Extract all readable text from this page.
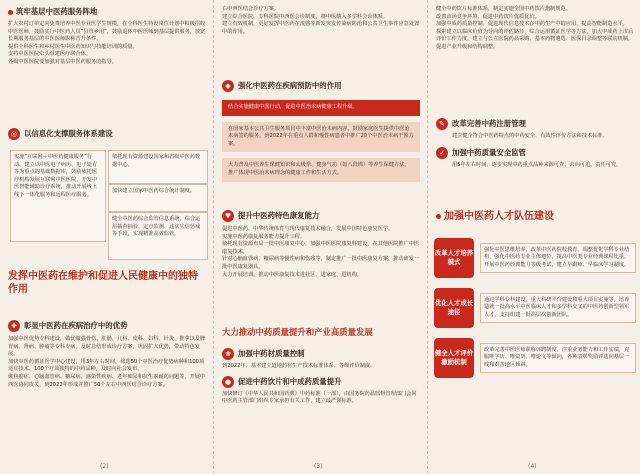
筑牢基层中医药服务阵地
扩大农村订单定向免费培养中医专业医学生规模，在全科医生特设岗位计划中积极招收中医医师，鼓励实行中医药人员“县管乡用”，鼓励退休中医医师到基层提供服务，放宽长期服务基层的中医医师职称晋升条件。
提供全科医生和乡村医生中医药知识与技能培训的质量。
支持中医医院牵头组建医疗联合体。
各级中医医院要加强对基层中医药服务的指导。
◎ 以信息化支撑服务体系建设
实施“互联网＋中医药健康服务”行动，建立以中医电子病历、电子处方等为重点的基础数据库，鼓励依托医疗机构发展互联网中医医院，开发中医智能辅助诊疗系统，推动开展线上线下一体化服务和远程医疗服务。
依托现有资源建设国家和省级中医药数据中心。
加快建立国家中医药综合统计制度。
健全中医药综合监管信息系统，综合运用抽查抽验、定点监测、违法失信惩戒等手段，实现精准高效监管。
发挥中医药在维护和促进人民健康中的独特作用
✚ 彰显中医药在疾病治疗中的优势
加强中医优势专科建设，做优做强骨伤、肛肠、儿科、皮科、妇科、针灸、推拿以及脾胃病、肾病、肿瘤等专科专病，及时总结形成诊疗方案，巩固扩大优势，带动特色发展。
加快中医药循证医学中心建设，用3年左右时间，筛选50个中医治疗优势病种和100项适宜技术、100个疗效独特的中药品种，及时向社会发布。
聚焦癌症、心脑血管病、糖尿病、感染性疾病、老年痴呆和抗生素耐药问题等，开展中西医协同攻关，到2022年形成并推广50个左右中西医结合诊疗方案。
(2)
右中西医结合诊疗方案。
建立综合医院、专科医院中西医会诊制度，将中医纳入多学科会诊体系。
建立有效机制，更好发挥中医药在流感等新发突发传染病防治和公共卫生事件应急处置中的作用。
◆ 强化中医药在疾病预防中的作用
结合实施健康中国行动，促进中医治未病健康工程升级。
在国家基本公共卫生服务项目中丰富中医治未病内容，鼓励家庭医生提供中医治未病签约服务，到2022年在重点人群和慢性病患者中推广20个中医治未病干预方案。
大力普及中医养生保健知识和太极拳、健身气功（如八段锦）等养生保健方法，推广体现中医治未病理念的健康工作和生活方式。
♥ 提升中医药特色康复能力
促进中医药、中华传统体育与现代康复技术融合，发展中国特色康复医学。
实施中医药康复服务能力提升工程。
依托现有资源布局一批中医康复中心，加强中医医院康复科建设，在其他医院推广中医康复技术。
针对心脑血管病、糖尿病等慢性病和伤残等，制定推广一批中医康复方案，推动研发一批中医康复器具。
大力开展培训，推动中医康复技术进社区、进家庭、进机构。
大力推动中药质量提升和产业高质量发展
❀ 加强中药材质量控制
到2022年，基本建立道地药材生产技术标准体系、等级评价制度。
● 促进中药饮片和中成药质量提升
加快修订《中华人民共和国药典》中药标准（一部），由国务院药品监督管理部门会同中医药主管部门组织专家承担有关工作，建立最严谨标准。
(3)
健全中药饮片标准体系，制定实施全国中药饮片炮制规范。
改善市场竞争环境，促进中药饮片优质优价。
加强中成药质量控制，促进现代信息技术在中药生产中的应用，提高智能制造水平。
探索建立以临床价值为导向的评估路径，综合运用循证医学等方法，加大中成药上市后评价工作力度，建立与公立医院药品采购、基本药物遴选、医保目录调整等联动机制，促进产业升级和结构调整。
✎ 改革完善中药注册管理
建立健全符合中医药特点的中药安全、有效性评价方法和技术标准。
✓ 加强中药质量安全监管
用5年左右时间，逐步实现中药重点品种来源可查、去向可追、责任可究。
加强中医药人才队伍建设
改革人才培养模式
强化中医思维培养，改革中医药院校教育，调整优化学科专业结构，强化中医药专业主体地位，提高中医类专业经典课程比重，开展中医药经典能力等级考试，建立早跟师、早临床学习制度。
优化人才成长途径
通过学科专科建设、重大科研平台建设和重大项目实施等，培养造就一批高水平中医临床人才和多学科交叉的中医药创新型领军人才，支持组建一批高层次创新团队。
健全人才评价激励机制
改革完善中医医师职称评聘制度，注重业务能力和工作实绩，克服唯学历、唯资历、唯论文等倾向，各种表彰奖励评选向基层一线和艰苦地区倾斜。
(4)
